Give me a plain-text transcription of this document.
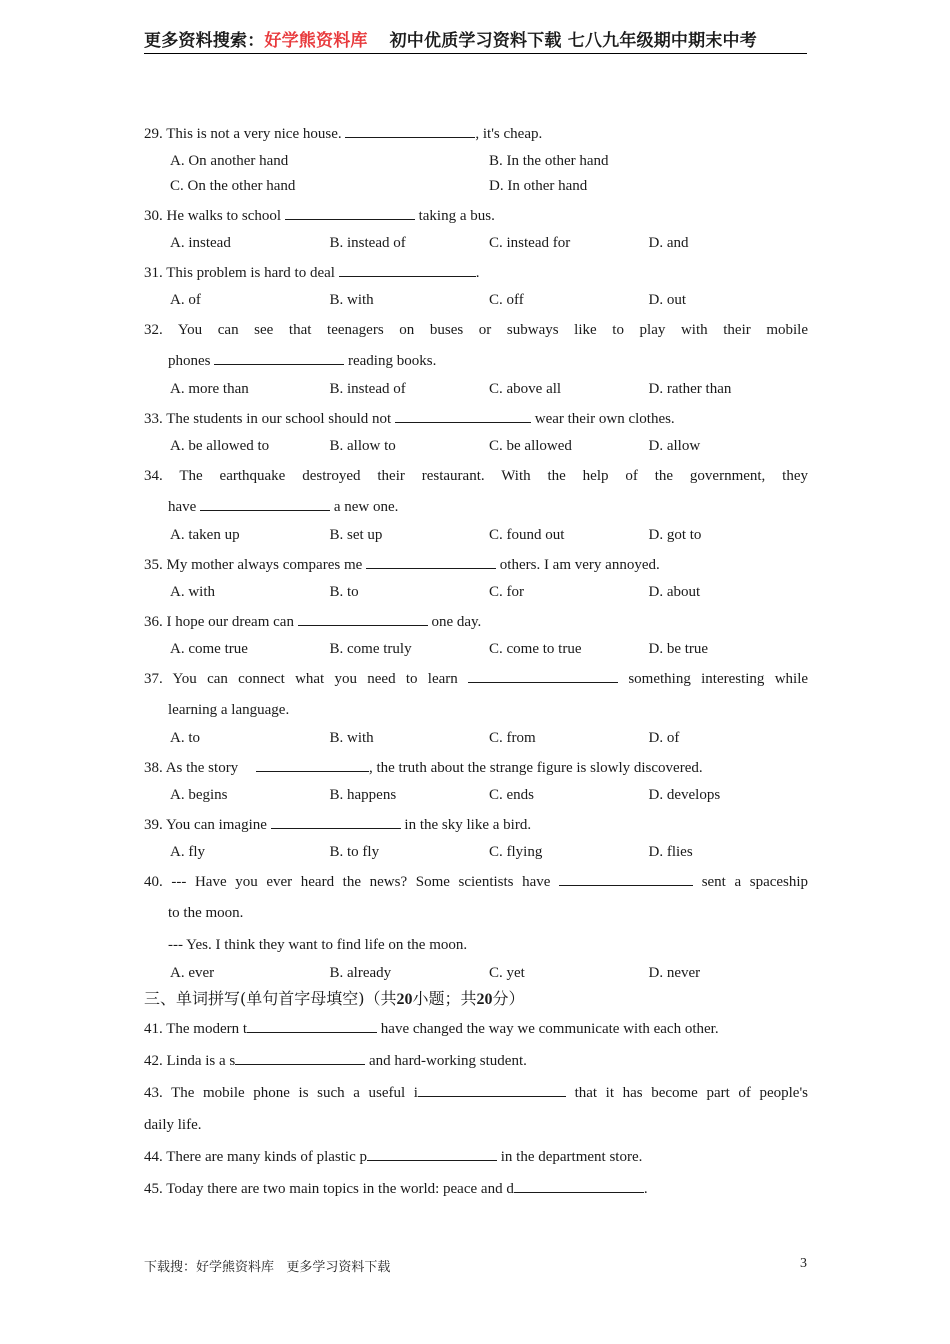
更多资料搜索：好学熊资料库 初中优质学习资料下载 七八九年级期中期末中考
29. This is not a very nice house.	, it's cheap.
A. On another hand	B. In the other hand
C. On the other hand	D. In other hand
30. He walks to school	taking a bus.
A. instead	B. instead of	C. instead for	D. and
31. This problem is hard to deal	.
A. of	B. with	C. off	D. out
32. You can see that teenagers on buses or subways like to play with their mobile
phones	reading books.
A. more than	B. instead of	C. above all	D. rather than
33. The students in our school should not	wear their own clothes.
A. be allowed to	B. allow to	C. be allowed	D. allow
34. The earthquake destroyed their restaurant. With the help of the government, they
have	a new one.
A. taken up	B. set up	C. found out	D. got to
35. My mother always compares me	others. I am very annoyed.
A. with	B. to	C. for	D. about
36. I hope our dream can	one day.
A. come true	B. come truly	C. come to true	D. be true
37. You can connect what you need to learn	something interesting while
learning a language.
A. to	B. with	C. from	D. of
38. As the story	, the truth about the strange figure is slowly discovered.
A. begins	B. happens	C. ends	D. develops
39. You can imagine	in the sky like a bird.
A. fly	B. to fly	C. flying	D. flies
40. --- Have you ever heard the news? Some scientists have	sent a spaceship
to the moon.
--- Yes. I think they want to find life on the moon.
A. ever	B. already	C. yet	D. never
三、单词拼写(单句首字母填空)（共20小题；共20分）
41. The modern t	have changed the way we communicate with each other.
42. Linda is a s	and hard-working student.
43. The mobile phone is such a useful i	that it has become part of people's
daily life.
44. There are many kinds of plastic p	in the department store.
45. Today there are two main topics in the world: peace and d	.
下载搜：好学熊资料库   更多学习资料下载	3
